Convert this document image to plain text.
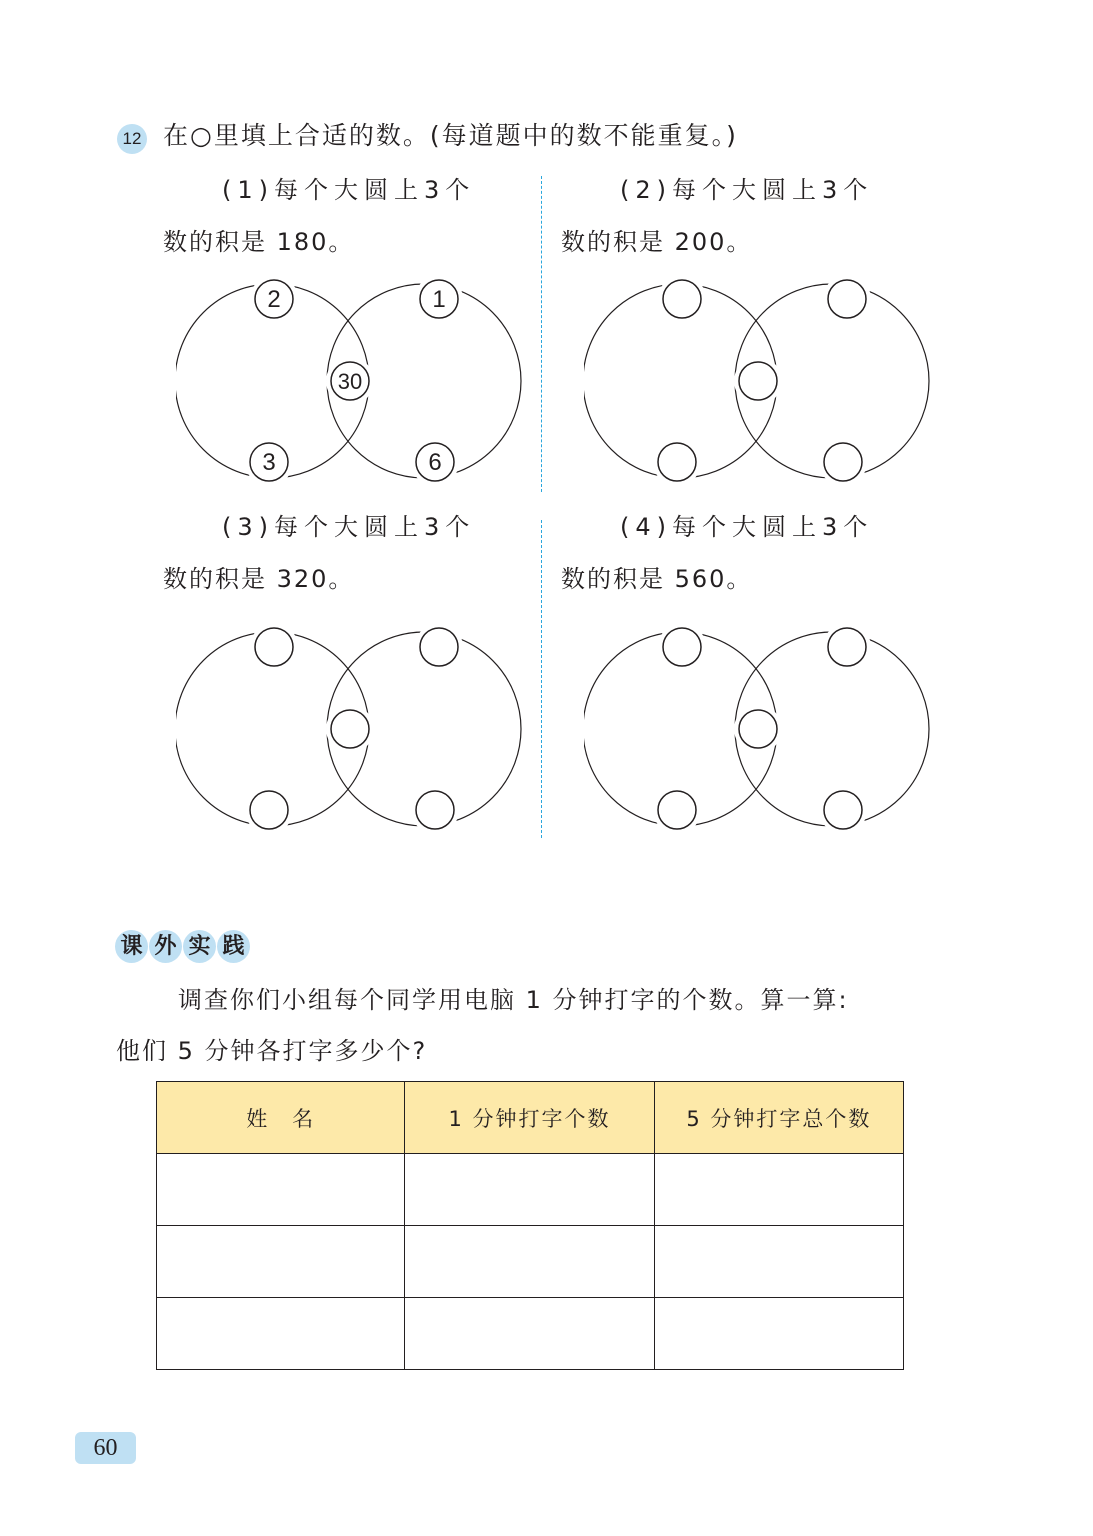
12 在○里填上合适的数。(每道题中的数不能重复。)
(1)每个大圆上3个
数的积是 180。
(2)每个大圆上3个
数的积是 200。
(3)每个大圆上3个
数的积是 320。
(4)每个大圆上3个
数的积是 560。
2	1
30
3	6
课 外 实 践
调查你们小组每个同学用电脑 1 分钟打字的个数。算一算:
他们 5 分钟各打字多少个?
姓　名	1 分钟打字个数	5 分钟打字总个数

60
